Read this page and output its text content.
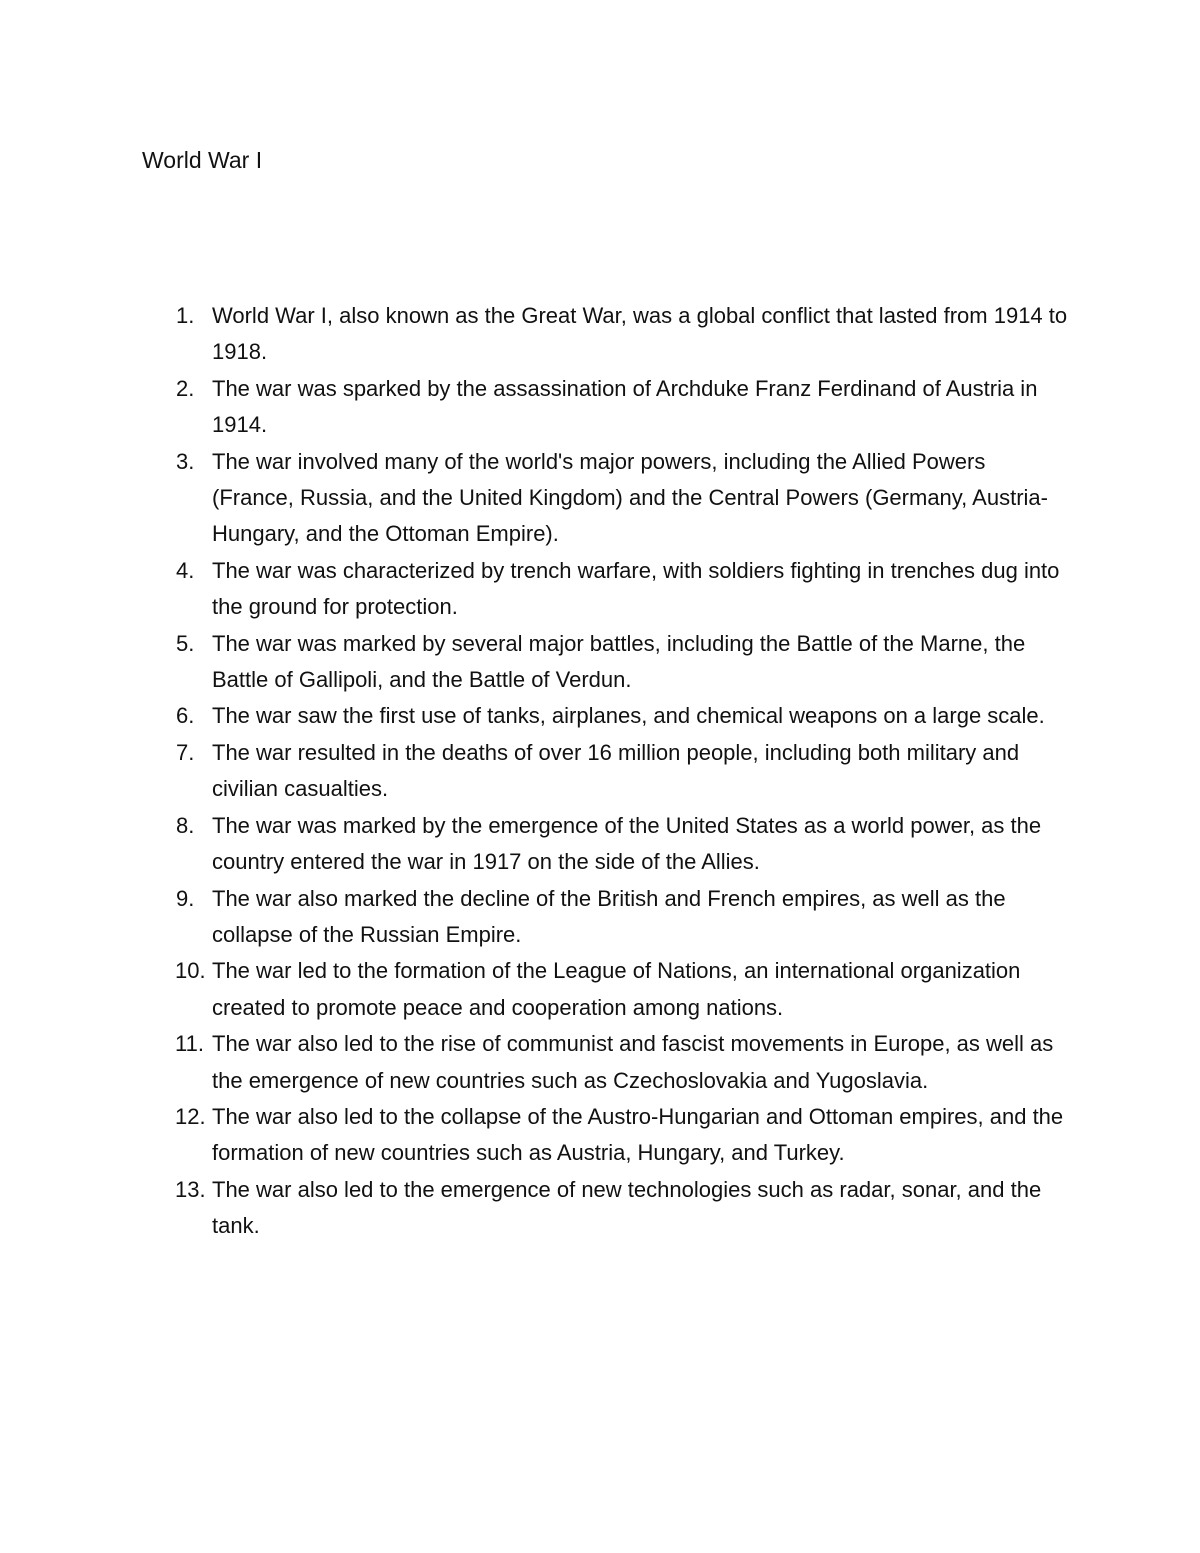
World War I
1. World War I, also known as the Great War, was a global conflict that lasted from 1914 to 1918.
2. The war was sparked by the assassination of Archduke Franz Ferdinand of Austria in 1914.
3. The war involved many of the world's major powers, including the Allied Powers (France, Russia, and the United Kingdom) and the Central Powers (Germany, Austria-Hungary, and the Ottoman Empire).
4. The war was characterized by trench warfare, with soldiers fighting in trenches dug into the ground for protection.
5. The war was marked by several major battles, including the Battle of the Marne, the Battle of Gallipoli, and the Battle of Verdun.
6. The war saw the first use of tanks, airplanes, and chemical weapons on a large scale.
7. The war resulted in the deaths of over 16 million people, including both military and civilian casualties.
8. The war was marked by the emergence of the United States as a world power, as the country entered the war in 1917 on the side of the Allies.
9. The war also marked the decline of the British and French empires, as well as the collapse of the Russian Empire.
10. The war led to the formation of the League of Nations, an international organization created to promote peace and cooperation among nations.
11. The war also led to the rise of communist and fascist movements in Europe, as well as the emergence of new countries such as Czechoslovakia and Yugoslavia.
12. The war also led to the collapse of the Austro-Hungarian and Ottoman empires, and the formation of new countries such as Austria, Hungary, and Turkey.
13. The war also led to the emergence of new technologies such as radar, sonar, and the tank.
